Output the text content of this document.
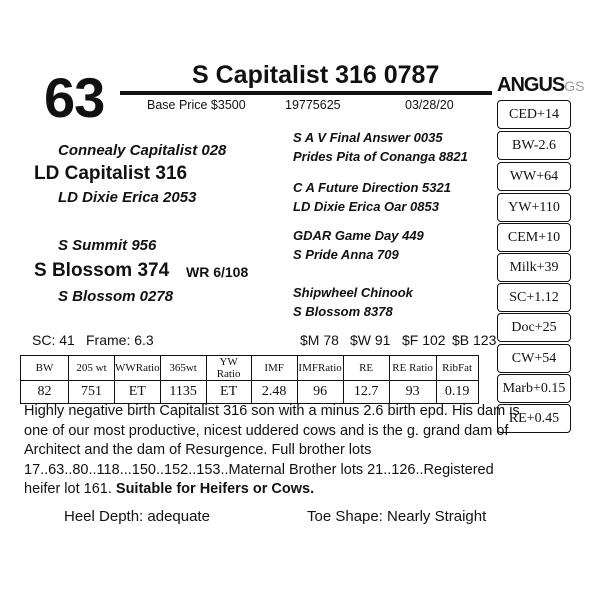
63	S Capitalist 316 0787
Base Price $3500	19775625	03/28/20
Connealy Capitalist 028
LD Capitalist 316
LD Dixie Erica 2053
S Summit 956
S Blossom 374 WR 6/108
S Blossom 0278
S A V Final Answer 0035
Prides Pita of Conanga 8821
C A Future Direction 5321
LD Dixie Erica Oar 0853
GDAR Game Day 449
S Pride Anna 709
Shipwheel Chinook
S Blossom 8378
SC: 41 Frame: 6.3	$M 78 $W 91 $F 102 $B 123
BW	205 wt	WWRatio	365wt	YW Ratio	IMF	IMFRatio	RE	RE Ratio	RibFat
82	751	ET	1135	ET	2.48	96	12.7	93	0.19
ANGUSGS
CED+14
BW-2.6
WW+64
YW+110
CEM+10
Milk+39
SC+1.12
Doc+25
CW+54
Marb+0.15
RE+0.45
Highly negative birth Capitalist 316 son with a minus 2.6 birth epd. His dam is one of our most productive, nicest uddered cows and is the g. grand dam of Architect and the dam of Resurgence. Full brother lots 17..63..80..118...150..152..153..Maternal Brother lots 21..126..Registered heifer lot 161. Suitable for Heifers or Cows.
Heel Depth: adequate	Toe Shape: Nearly Straight
